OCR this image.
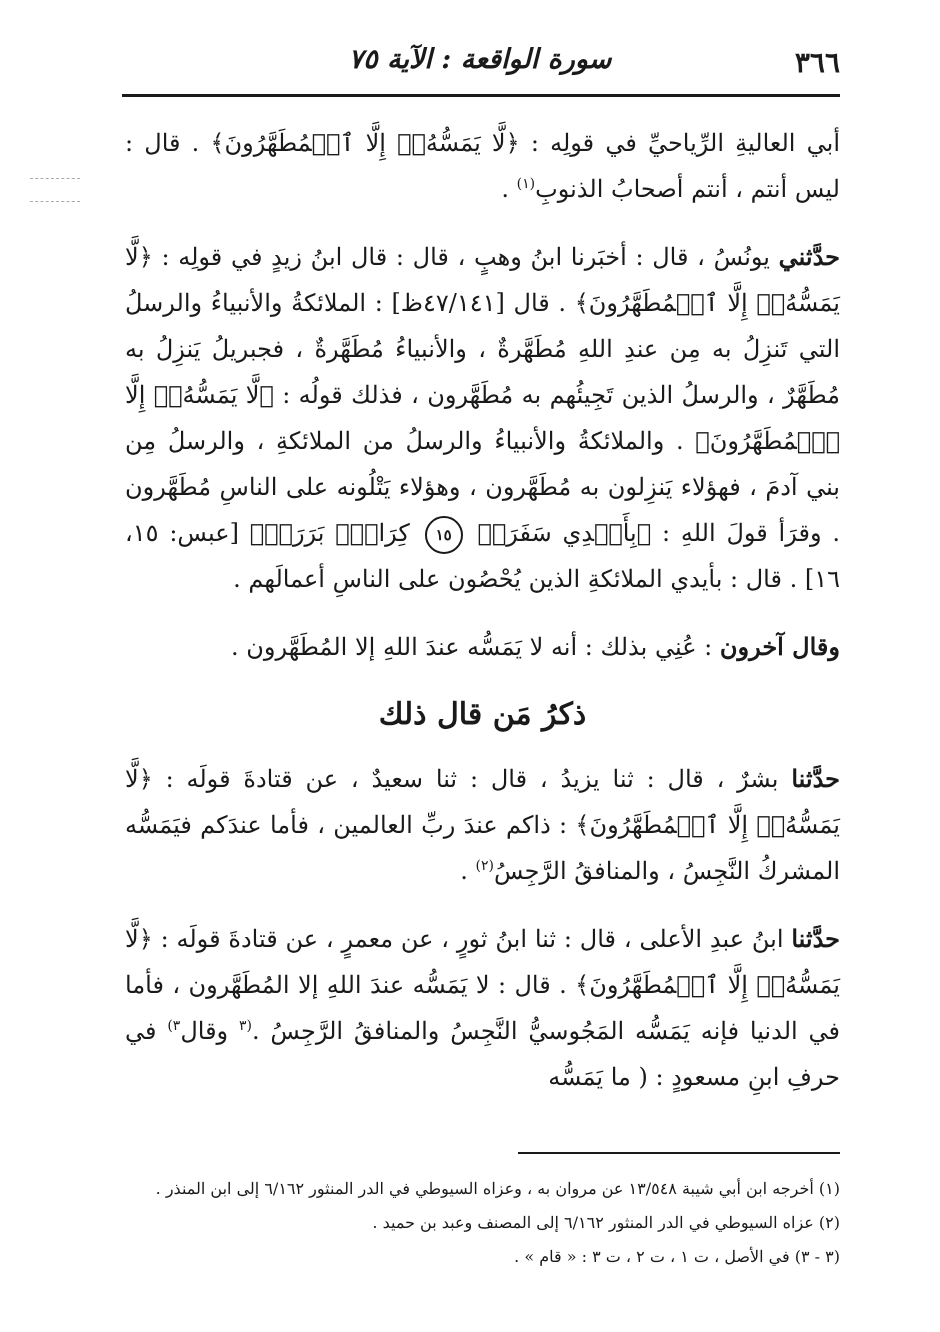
٣٦٦
سورة الواقعة : الآية ٧٥
أبي العاليةِ الرِّياحيِّ في قولِه : ﴿لَّا يَمَسُّهُۥٓ إِلَّا ٱلۡمُطَهَّرُونَ﴾ . قال : ليس أنتم ، أنتم أصحابُ الذنوبِ$^{(١)}$ .
حدَّثني يونُسُ ، قال : أخبَرنا ابنُ وهبٍ ، قال : قال ابنُ زيدٍ في قولِه : ﴿لَّا يَمَسُّهُۥٓ إِلَّا ٱلۡمُطَهَّرُونَ﴾ . قال [٤٧/١٤١ظ] : الملائكةُ والأنبياءُ والرسلُ التي تَنزِلُ به مِن عندِ اللهِ مُطَهَّرةٌ ، والأنبياءُ مُطَهَّرةٌ ، فجبريلُ يَنزِلُ به مُطَهَّرٌ ، والرسلُ الذين تَجِيئُهم به مُطَهَّرون ، فذلك قولُه : ﴿لَّا يَمَسُّهُۥٓ إِلَّا ٱلۡمُطَهَّرُونَ﴾ . والملائكةُ والأنبياءُ والرسلُ من الملائكةِ ، والرسلُ مِن بني آدمَ ، فهؤلاء يَنزِلون به مُطَهَّرون ، وهؤلاء يَتْلُونه على الناسِ مُطَهَّرون . وقرَأ قولَ اللهِ : ﴿بِأَيۡدِي سَفَرَةٖ ١٥ كِرَامِۭ بَرَرَةٖ﴾ [عبس: ١٥، ١٦] . قال : بأيدي الملائكةِ الذين يُحْصُون على الناسِ أعمالَهم .
وقال آخرون : عُنِي بذلك : أنه لا يَمَسُّه عندَ اللهِ إلا المُطَهَّرون .
ذكرُ مَن قال ذلك
حدَّثنا بشرٌ ، قال : ثنا يزيدُ ، قال : ثنا سعيدٌ ، عن قتادةَ قولَه : ﴿لَّا يَمَسُّهُۥٓ إِلَّا ٱلۡمُطَهَّرُونَ﴾ : ذاكم عندَ ربِّ العالمين ، فأما عندَكم فيَمَسُّه المشركُ النَّجِسُ ، والمنافقُ الرَّجِسُ$^{(٢)}$ .
حدَّثنا ابنُ عبدِ الأعلى ، قال : ثنا ابنُ ثورٍ ، عن معمرٍ ، عن قتادةَ قولَه : ﴿لَّا يَمَسُّهُۥٓ إِلَّا ٱلۡمُطَهَّرُونَ﴾ . قال : لا يَمَسُّه عندَ اللهِ إلا المُطَهَّرون ، فأما في الدنيا فإنه يَمَسُّه المَجُوسيُّ النَّجِسُ والمنافقُ الرَّجِسُ .$^{(٣}$ وقال$^{٣)}$ في حرفِ ابنِ مسعودٍ : ( ما يَمَسُّه
(١) أخرجه ابن أبي شيبة ١٣/٥٤٨ عن مروان به ، وعزاه السيوطي في الدر المنثور ٦/١٦٢ إلى ابن المنذر .
(٢) عزاه السيوطي في الدر المنثور ٦/١٦٢ إلى المصنف وعبد بن حميد .
(٣ - ٣) في الأصل ، ت ١ ، ت ٢ ، ت ٣ : « قام » .
